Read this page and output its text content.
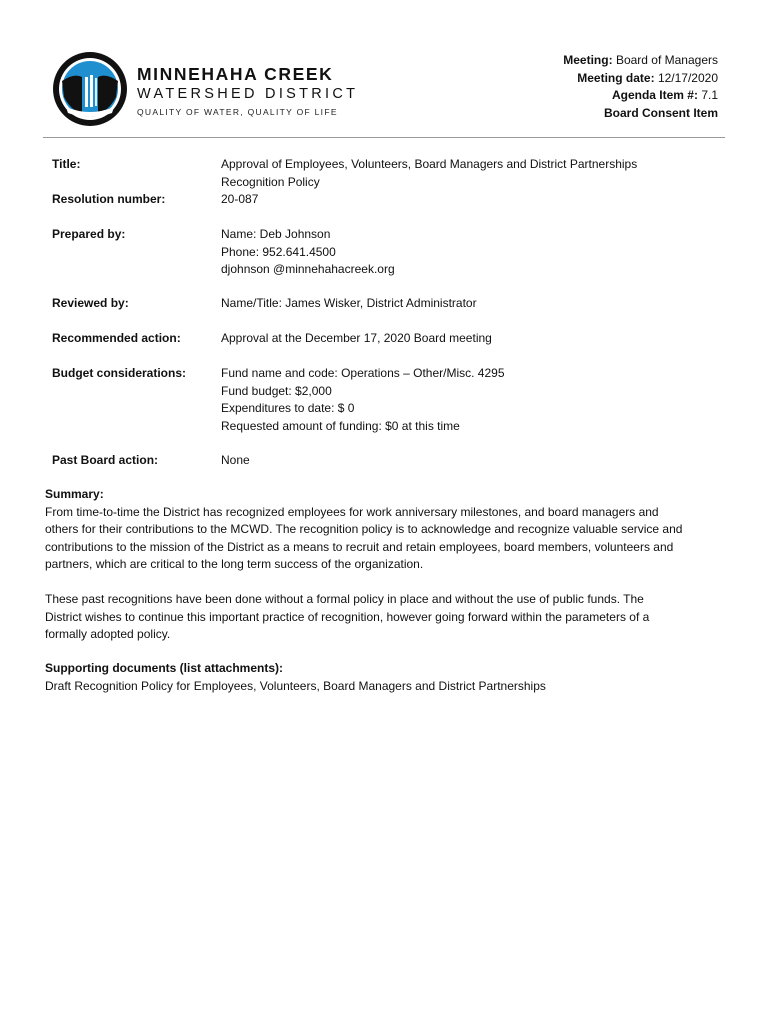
MINNEHAHA CREEK
WATERSHED DISTRICT
QUALITY OF WATER, QUALITY OF LIFE
Meeting: Board of Managers
Meeting date: 12/17/2020
Agenda Item #: 7.1
Board Consent Item
Title:	Approval of Employees, Volunteers, Board Managers and District Partnerships
Recognition Policy
Resolution number:	20-087
Prepared by:	Name: Deb Johnson
Phone: 952.641.4500
djohnson @minnehahacreek.org
Reviewed by:	Name/Title: James Wisker, District Administrator
Recommended action:	Approval at the December 17, 2020 Board meeting
Budget considerations:	Fund name and code: Operations – Other/Misc. 4295
Fund budget: $2,000
Expenditures to date: $ 0
Requested amount of funding: $0 at this time
Past Board action:	None
Summary:
From time-to-time the District has recognized employees for work anniversary milestones, and board managers and
others for their contributions to the MCWD. The recognition policy is to acknowledge and recognize valuable service and
contributions to the mission of the District as a means to recruit and retain employees, board members, volunteers and
partners, which are critical to the long term success of the organization.
These past recognitions have been done without a formal policy in place and without the use of public funds. The
District wishes to continue this important practice of recognition, however going forward within the parameters of a
formally adopted policy.
Supporting documents (list attachments):
Draft Recognition Policy for Employees, Volunteers, Board Managers and District Partnerships
